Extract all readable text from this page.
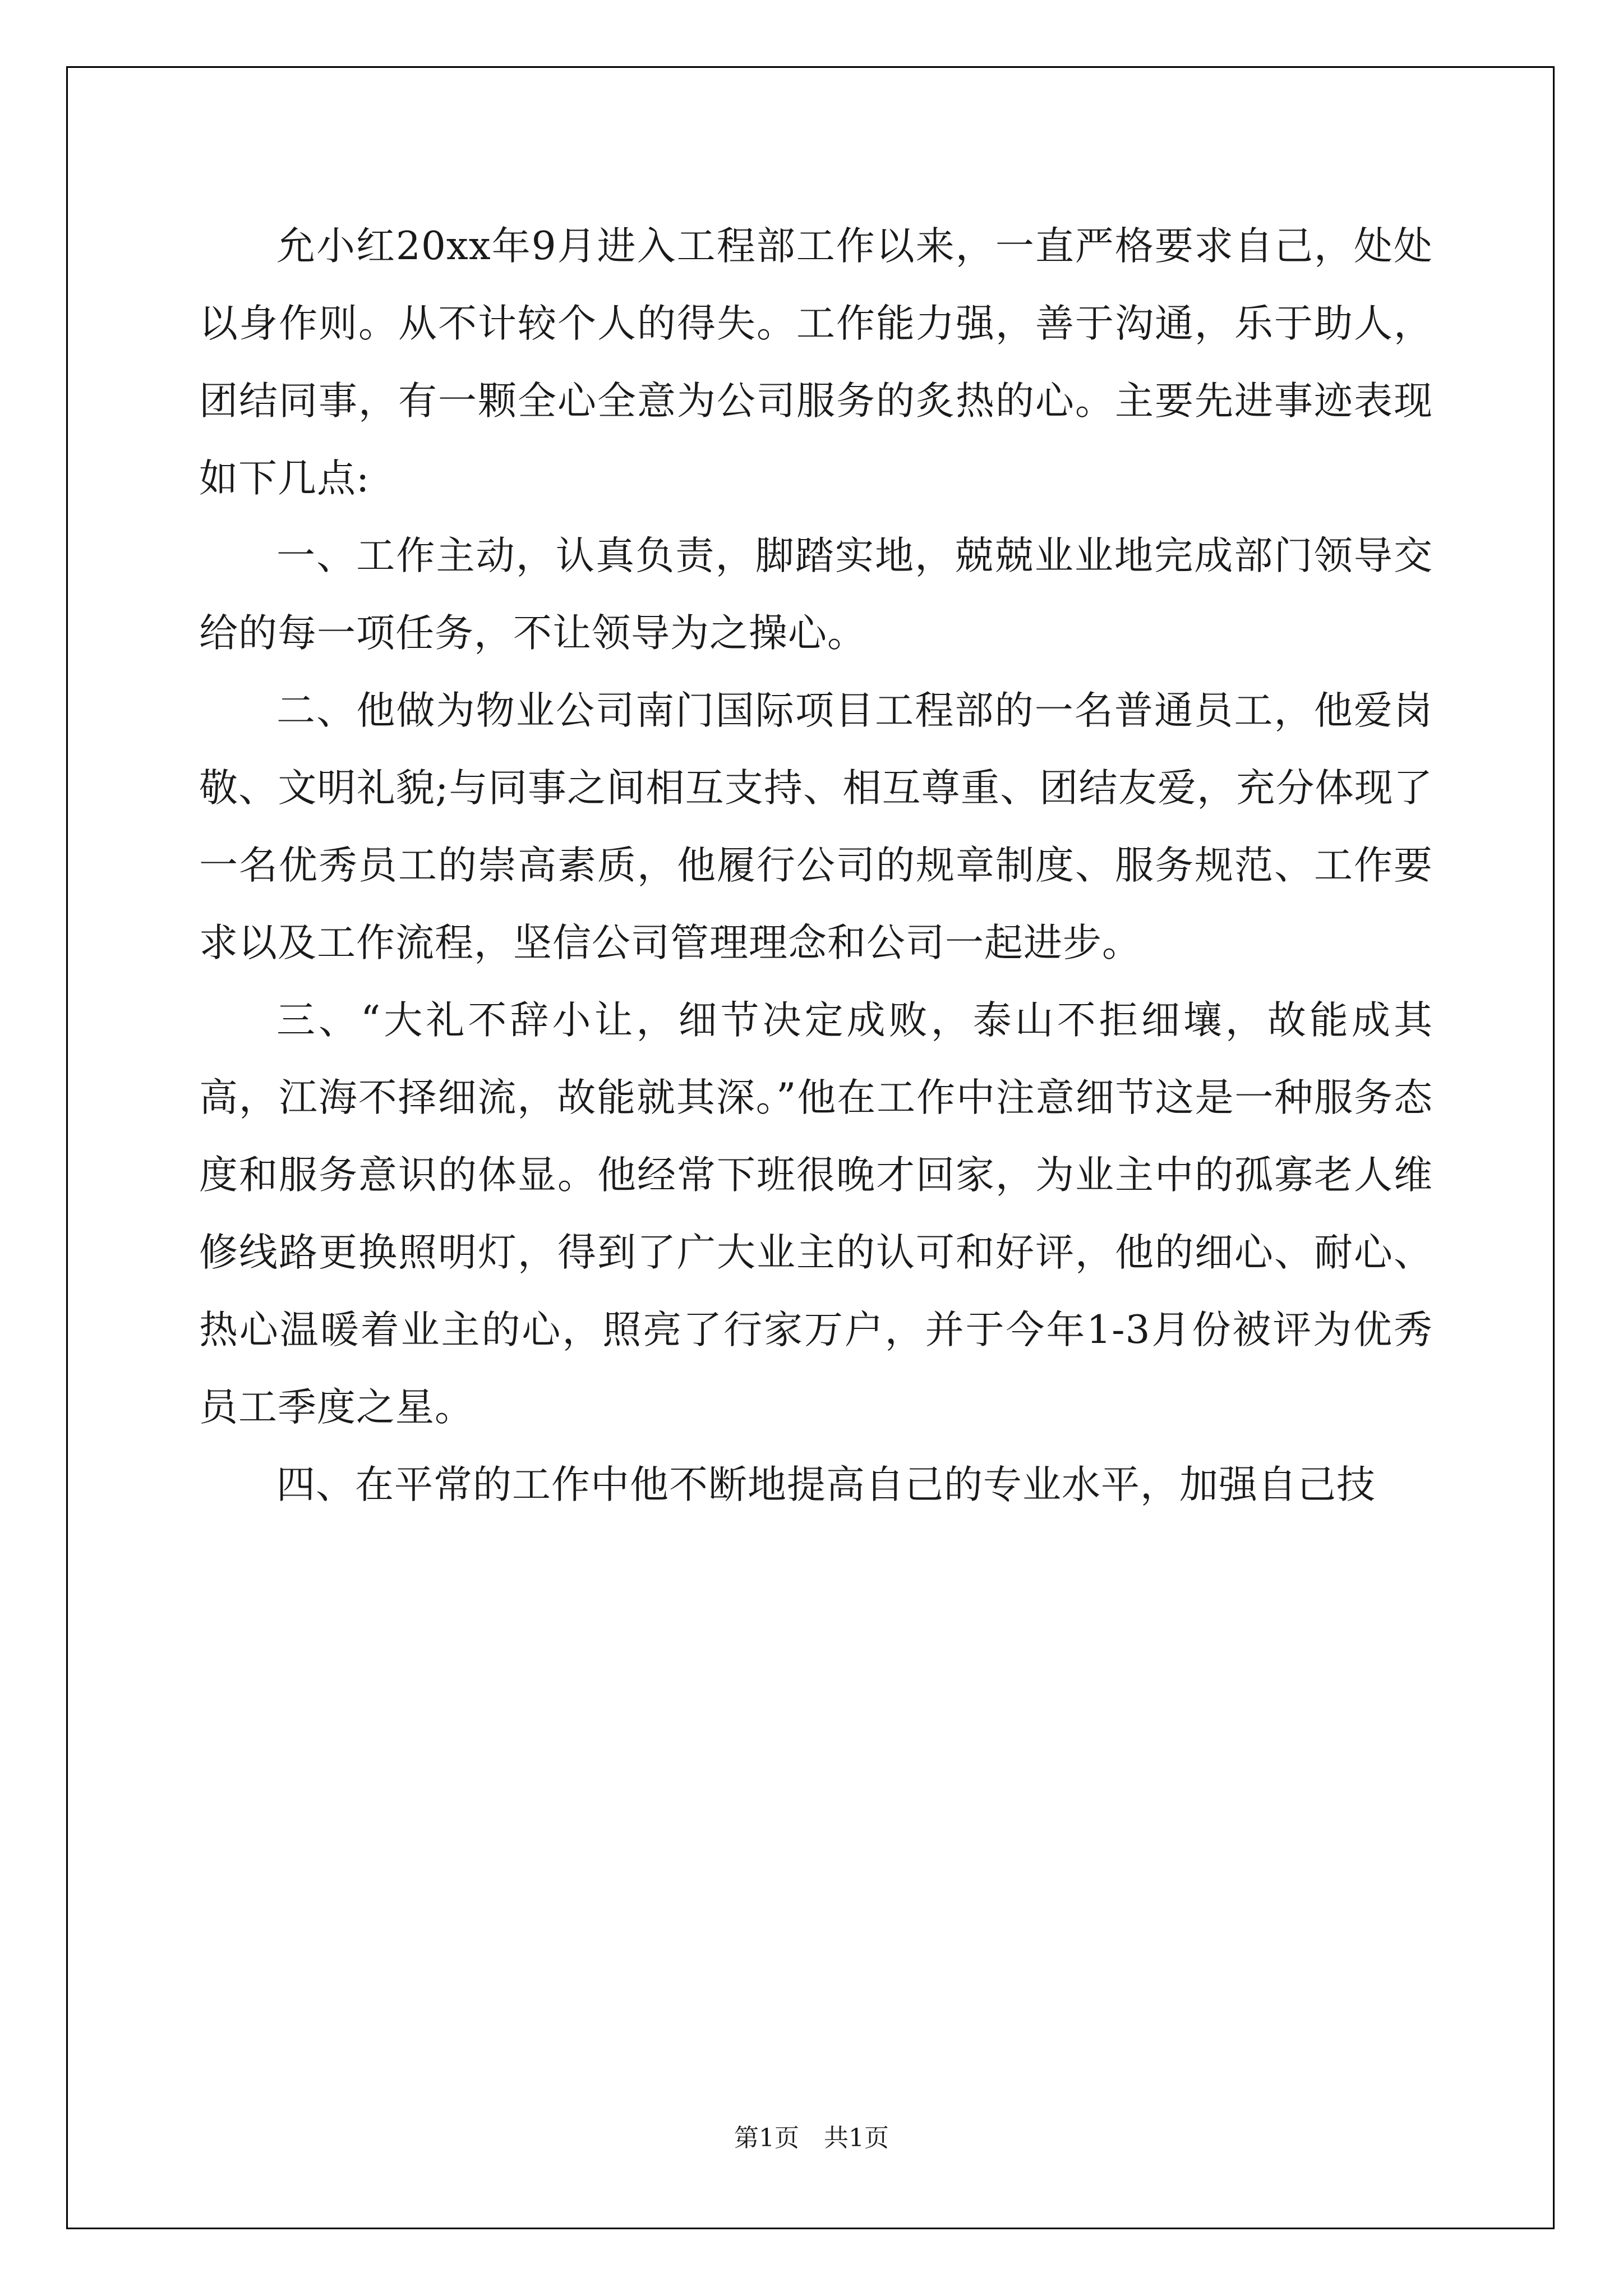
允小红20xx年9月进入工程部工作以来，一直严格要求自己，处处以身作则。从不计较个人的得失。工作能力强，善于沟通，乐于助人，团结同事，有一颗全心全意为公司服务的炙热的心。主要先进事迹表现如下几点:

一、工作主动，认真负责，脚踏实地，兢兢业业地完成部门领导交给的每一项任务，不让领导为之操心。

二、他做为物业公司南门国际项目工程部的一名普通员工，他爱岗敬、文明礼貌;与同事之间相互支持、相互尊重、团结友爱，充分体现了一名优秀员工的崇高素质，他履行公司的规章制度、服务规范、工作要求以及工作流程，坚信公司管理理念和公司一起进步。

三、“大礼不辞小让，细节决定成败，泰山不拒细壤，故能成其高，江海不择细流，故能就其深。”他在工作中注意细节这是一种服务态度和服务意识的体显。他经常下班很晚才回家，为业主中的孤寡老人维修线路更换照明灯，得到了广大业主的认可和好评，他的细心、耐心、热心温暖着业主的心，照亮了行家万户，并于今年1-3月份被评为优秀员工季度之星。

四、在平常的工作中他不断地提高自己的专业水平，加强自己技

第1页　共1页
